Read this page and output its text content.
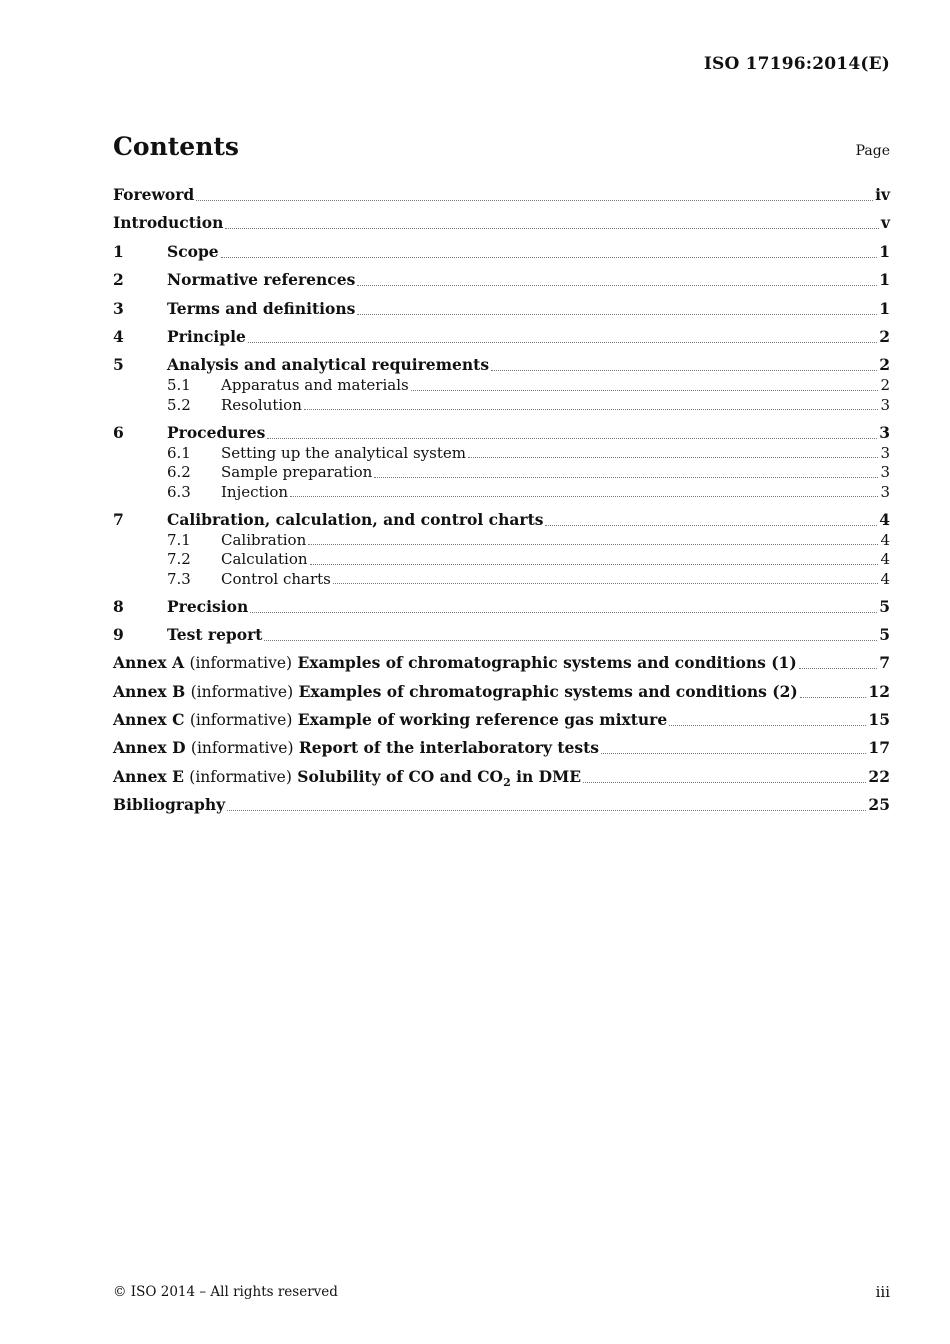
ISO 17196:2014(E)
Contents	Page
Foreword	iv
Introduction	v
1	Scope	1
2	Normative references	1
3	Terms and definitions	1
4	Principle	2
5	Analysis and analytical requirements	2
5.1	Apparatus and materials	2
5.2	Resolution	3
6	Procedures	3
6.1	Setting up the analytical system	3
6.2	Sample preparation	3
6.3	Injection	3
7	Calibration, calculation, and control charts	4
7.1	Calibration	4
7.2	Calculation	4
7.3	Control charts	4
8	Precision	5
9	Test report	5
Annex A (informative) Examples of chromatographic systems and conditions (1)	7
Annex B (informative) Examples of chromatographic systems and conditions (2)	12
Annex C (informative) Example of working reference gas mixture	15
Annex D (informative) Report of the interlaboratory tests	17
Annex E (informative) Solubility of CO and $CO_2$ in DME	22
Bibliography	25
© ISO 2014 – All rights reserved	iii
